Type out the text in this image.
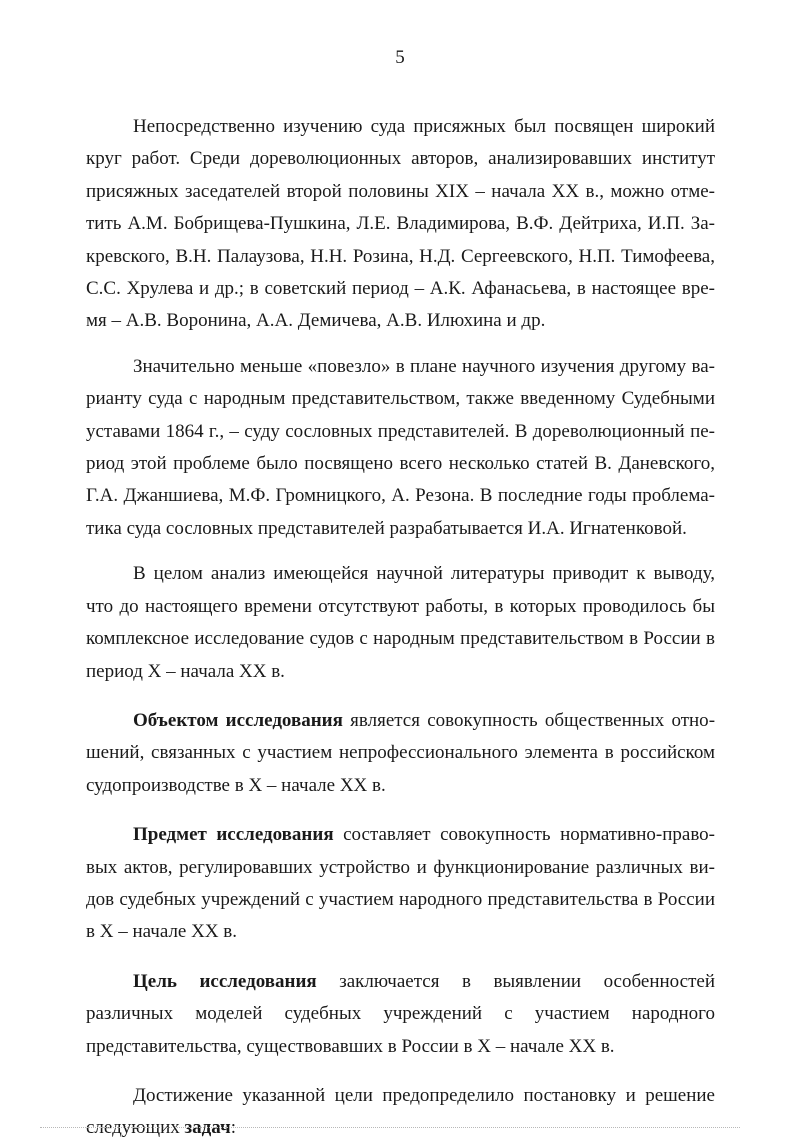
5

Непосредственно изучению суда присяжных был посвящен широкий круг работ. Среди дореволюционных авторов, анализировавших институт присяжных заседателей второй половины XIX – начала XX в., можно отметить А.М. Бобрищева-Пушкина, Л.Е. Владимирова, В.Ф. Дейтриха, И.П. Закревского, В.Н. Палаузова, Н.Н. Розина, Н.Д. Сергеевского, Н.П. Тимофеева, С.С. Хрулева и др.; в советский период – А.К. Афанасьева, в настоящее время – А.В. Воронина, А.А. Демичева, А.В. Илюхина и др.

Значительно меньше «повезло» в плане научного изучения другому варианту суда с народным представительством, также введенному Судебными уставами 1864 г., – суду сословных представителей. В дореволюционный период этой проблеме было посвящено всего несколько статей В. Даневского, Г.А. Джаншиева, М.Ф. Громницкого, А. Резона. В последние годы проблематика суда сословных представителей разрабатывается И.А. Игнатенковой.

В целом анализ имеющейся научной литературы приводит к выводу, что до настоящего времени отсутствуют работы, в которых проводилось бы комплексное исследование судов с народным представительством в России в период X – начала XX в.

Объектом исследования является совокупность общественных отношений, связанных с участием непрофессионального элемента в российском судопроизводстве в X – начале XX в.

Предмет исследования составляет совокупность нормативно-правовых актов, регулировавших устройство и функционирование различных видов судебных учреждений с участием народного представительства в России в X – начале XX в.

Цель исследования заключается в выявлении особенностей различных моделей судебных учреждений с участием народного представительства, существовавших в России в X – начале XX в.

Достижение указанной цели предопределило постановку и решение следующих задач:
